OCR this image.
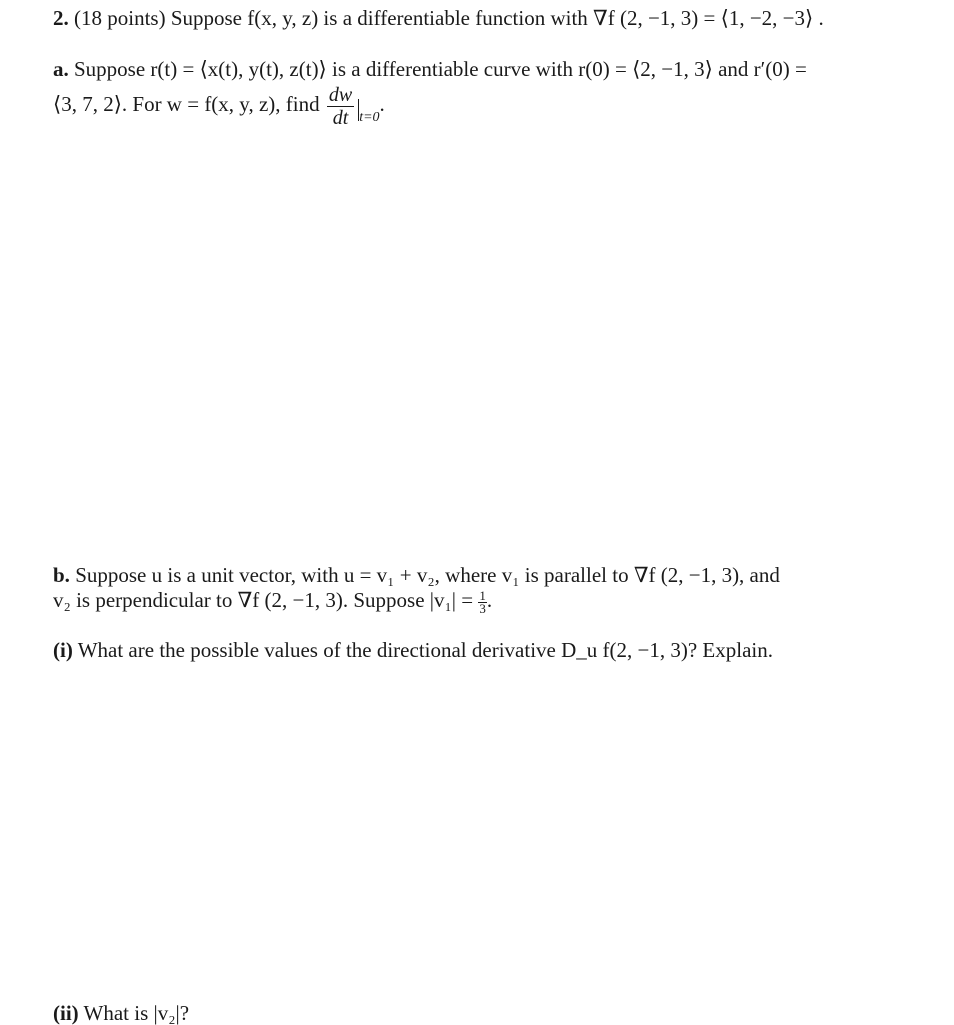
2. (18 points) Suppose f(x, y, z) is a differentiable function with ∇f (2, −1, 3) = ⟨1, −2, −3⟩ .
a. Suppose r(t) = ⟨x(t), y(t), z(t)⟩ is a differentiable curve with r(0) = ⟨2, −1, 3⟩ and r′(0) =
⟨3, 7, 2⟩. For w = f(x, y, z), find $\frac{dw}{dt} _{t=0}$.
b. Suppose u is a unit vector, with u = v₁ + v₂, where v₁ is parallel to ∇f (2, −1, 3), and
v₂ is perpendicular to ∇f (2, −1, 3). Suppose $|v_1| = \frac{1}{3}$ .
(i) What are the possible values of the directional derivative D_u f(2, −1, 3)? Explain.
(ii) What is |v₂|?
